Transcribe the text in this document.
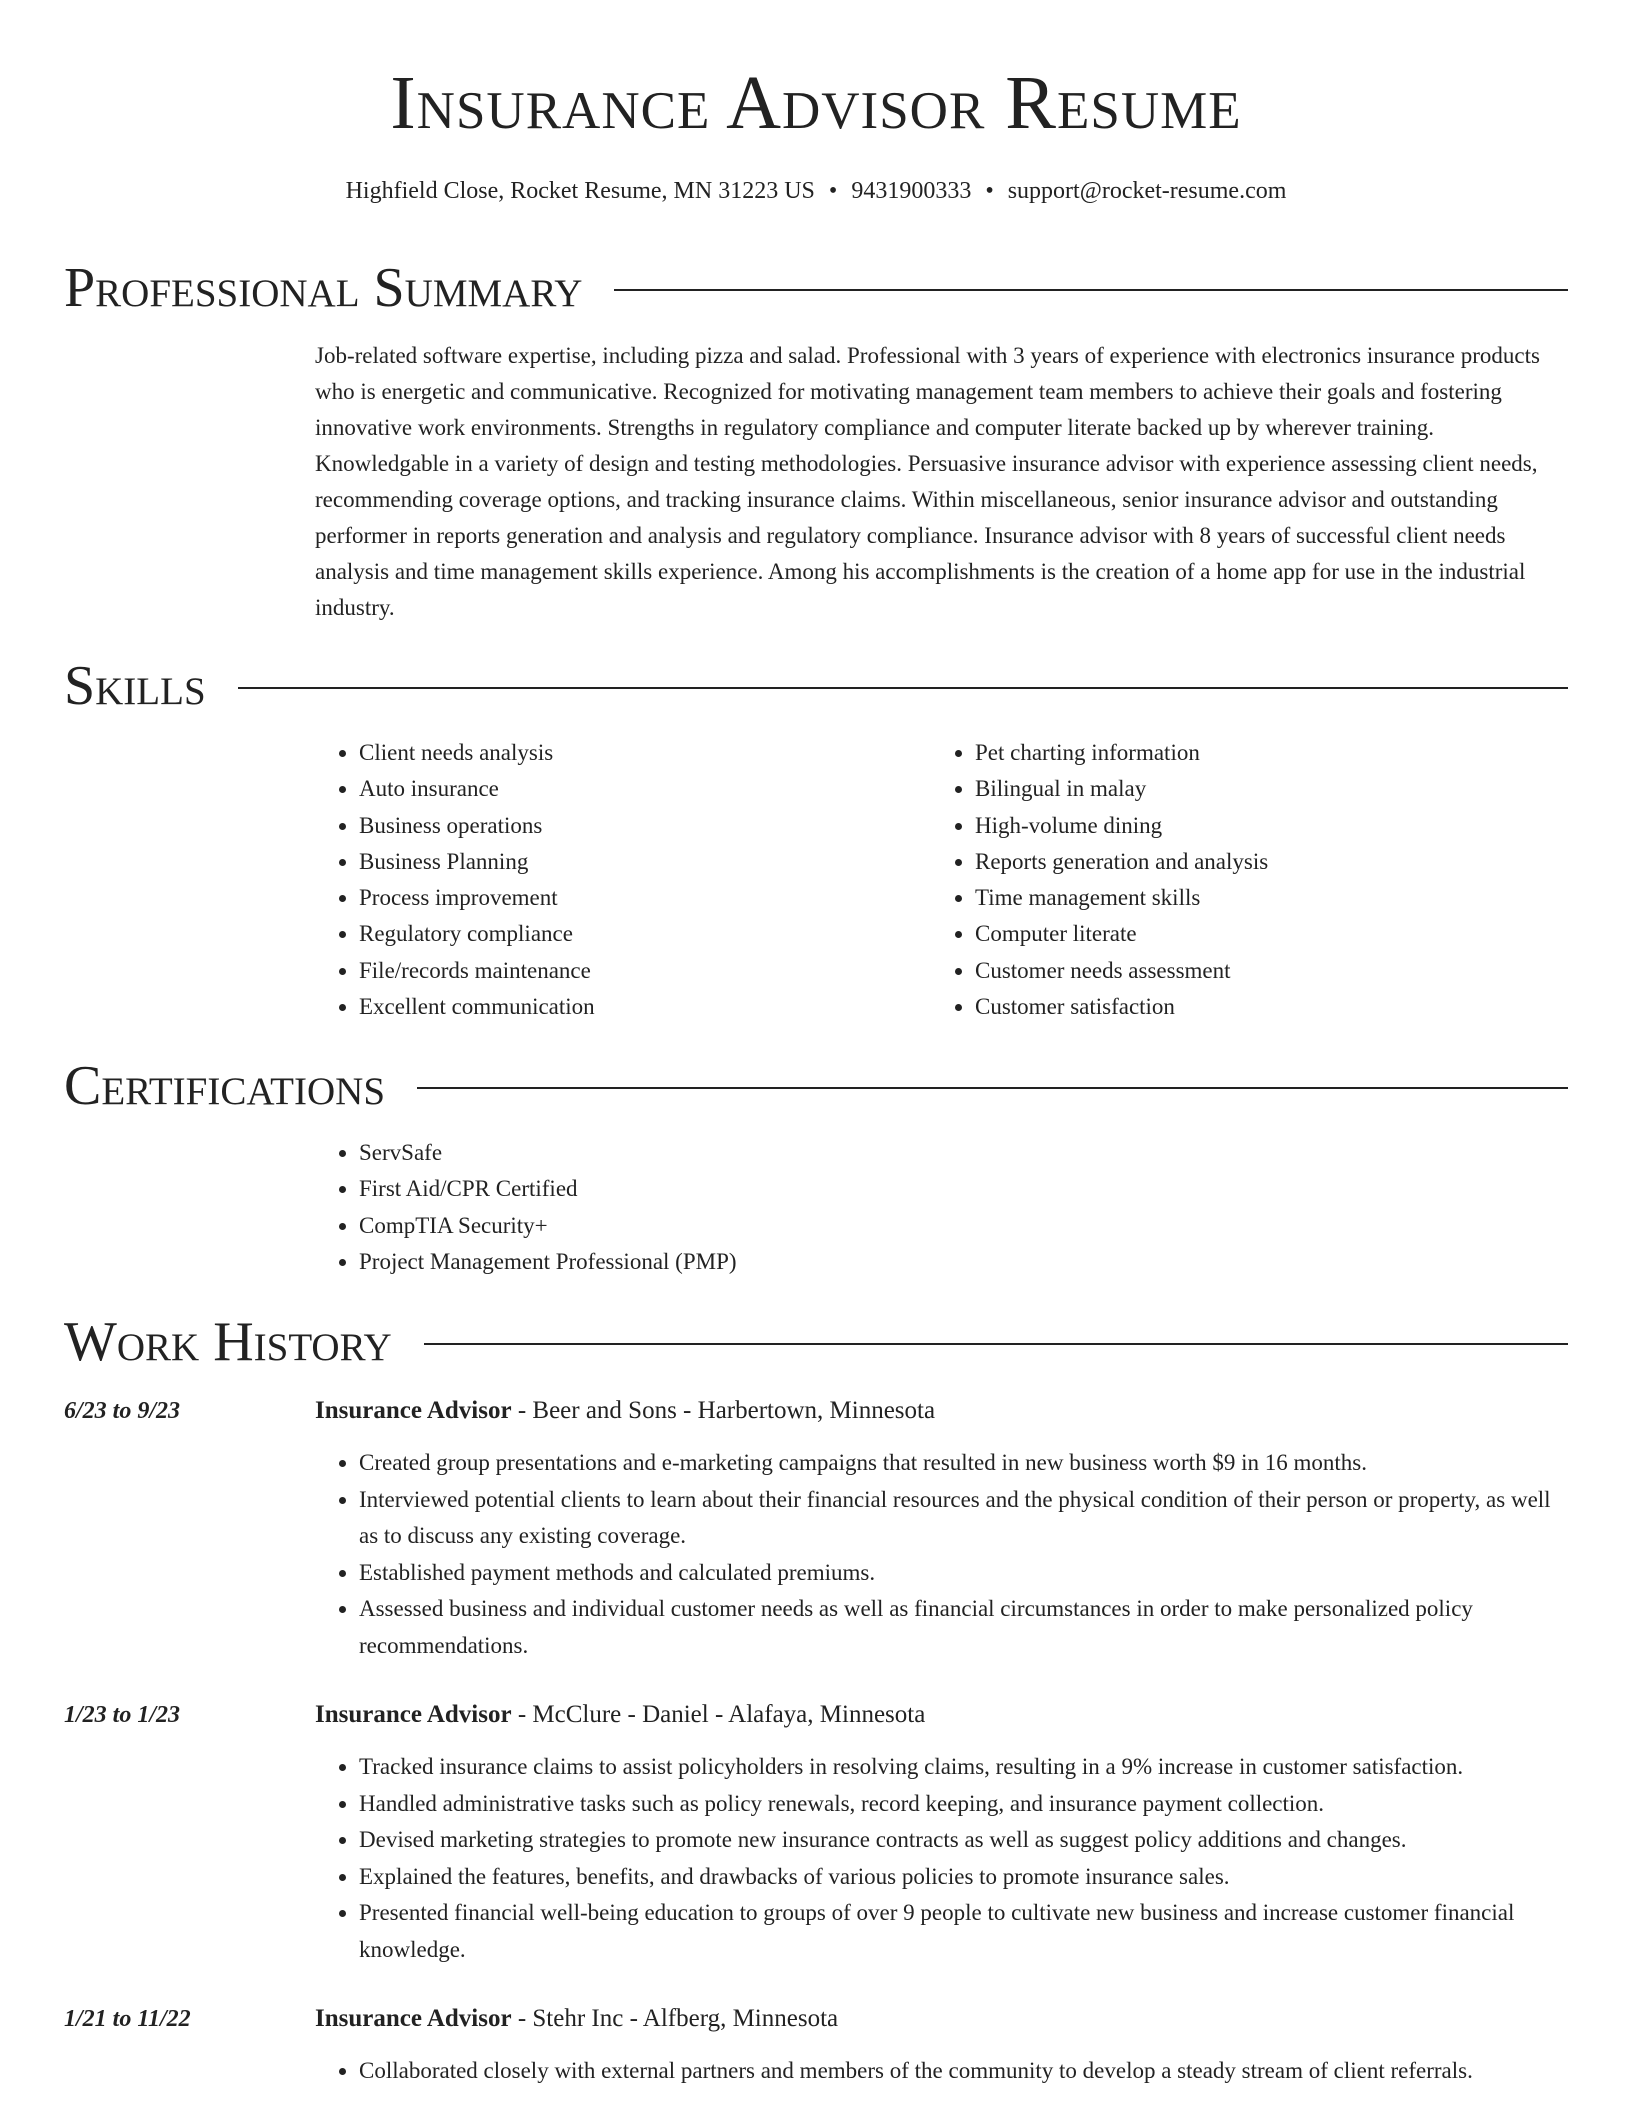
Insurance Advisor Resume
Highfield Close, Rocket Resume, MN 31223 US • 9431900333 • support@rocket-resume.com
Professional Summary
Job-related software expertise, including pizza and salad. Professional with 3 years of experience with electronics insurance products who is energetic and communicative. Recognized for motivating management team members to achieve their goals and fostering innovative work environments. Strengths in regulatory compliance and computer literate backed up by wherever training. Knowledgable in a variety of design and testing methodologies. Persuasive insurance advisor with experience assessing client needs, recommending coverage options, and tracking insurance claims. Within miscellaneous, senior insurance advisor and outstanding performer in reports generation and analysis and regulatory compliance. Insurance advisor with 8 years of successful client needs analysis and time management skills experience. Among his accomplishments is the creation of a home app for use in the industrial industry.
Skills
• Client needs analysis
• Auto insurance
• Business operations
• Business Planning
• Process improvement
• Regulatory compliance
• File/records maintenance
• Excellent communication
• Pet charting information
• Bilingual in malay
• High-volume dining
• Reports generation and analysis
• Time management skills
• Computer literate
• Customer needs assessment
• Customer satisfaction
Certifications
• ServSafe
• First Aid/CPR Certified
• CompTIA Security+
• Project Management Professional (PMP)
Work History
6/23 to 9/23	Insurance Advisor - Beer and Sons - Harbertown, Minnesota
• Created group presentations and e-marketing campaigns that resulted in new business worth $9 in 16 months.
• Interviewed potential clients to learn about their financial resources and the physical condition of their person or property, as well as to discuss any existing coverage.
• Established payment methods and calculated premiums.
• Assessed business and individual customer needs as well as financial circumstances in order to make personalized policy recommendations.
1/23 to 1/23	Insurance Advisor - McClure - Daniel - Alafaya, Minnesota
• Tracked insurance claims to assist policyholders in resolving claims, resulting in a 9% increase in customer satisfaction.
• Handled administrative tasks such as policy renewals, record keeping, and insurance payment collection.
• Devised marketing strategies to promote new insurance contracts as well as suggest policy additions and changes.
• Explained the features, benefits, and drawbacks of various policies to promote insurance sales.
• Presented financial well-being education to groups of over 9 people to cultivate new business and increase customer financial knowledge.
1/21 to 11/22	Insurance Advisor - Stehr Inc - Alfberg, Minnesota
• Collaborated closely with external partners and members of the community to develop a steady stream of client referrals.
